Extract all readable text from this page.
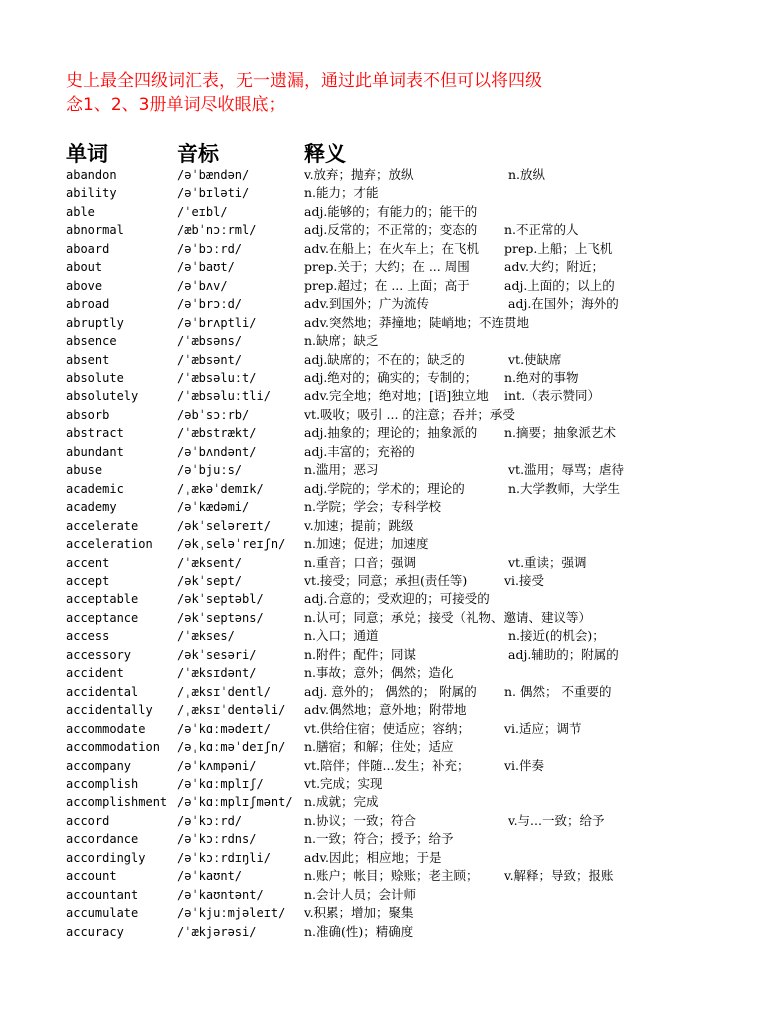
史上最全四级词汇表，无一遗漏，通过此单词表不但可以将四级
念1、2、3册单词尽收眼底；
单词	音标	释义
abandon	/əˈbændən/	v.放弃；抛弃；放纵	n.放纵
ability	/əˈbɪləti/	n.能力；才能
able	/ˈeɪbl/	adj.能够的；有能力的；能干的
abnormal	/æbˈnɔːrml/	adj.反常的；不正常的；变态的	n.不正常的人
aboard	/əˈbɔːrd/	adv.在船上；在火车上；在飞机	prep.上船；上飞机
about	/əˈbaʊt/	prep.关于；大约；在 ... 周围	adv.大约；附近；
above	/əˈbʌv/	prep.超过；在 ... 上面；高于	adj.上面的；以上的
abroad	/əˈbrɔːd/	adv.到国外；广为流传	adj.在国外；海外的
abruptly	/əˈbrʌptli/	adv.突然地；莽撞地；陡峭地；不连贯地
absence	/ˈæbsəns/	n.缺席；缺乏
absent	/ˈæbsənt/	adj.缺席的；不在的；缺乏的	vt.使缺席
absolute	/ˈæbsəluːt/	adj.绝对的；确实的；专制的；	n.绝对的事物
absolutely	/ˈæbsəluːtli/	adv.完全地；绝对地；[语]独立地	int.（表示赞同）
absorb	/əbˈsɔːrb/	vt.吸收；吸引 ... 的注意；吞并；承受
abstract	/ˈæbstrækt/	adj.抽象的；理论的；抽象派的	n.摘要；抽象派艺术
abundant	/əˈbʌndənt/	adj.丰富的；充裕的
abuse	/əˈbjuːs/	n.滥用；恶习	vt.滥用；辱骂；虐待
academic	/ˌækəˈdemɪk/	adj.学院的；学术的；理论的	n.大学教师，大学生
academy	/əˈkædəmi/	n.学院；学会；专科学校
accelerate	/əkˈseləreɪt/	v.加速；提前；跳级
acceleration	/əkˌseləˈreɪʃn/	n.加速；促进；加速度
accent	/ˈæksent/	n.重音；口音；强调	vt.重读；强调
accept	/əkˈsept/	vt.接受；同意；承担(责任等)	vi.接受
acceptable	/əkˈseptəbl/	adj.合意的；受欢迎的；可接受的
acceptance	/əkˈseptəns/	n.认可；同意；承兑；接受（礼物、邀请、建议等）
access	/ˈækses/	n.入口；通道	n.接近(的机会)；
accessory	/əkˈsesəri/	n.附件；配件；同谋	adj.辅助的；附属的
accident	/ˈæksɪdənt/	n.事故；意外；偶然；造化
accidental	/ˌæksɪˈdentl/	adj. 意外的； 偶然的； 附属的	n. 偶然； 不重要的
accidentally	/ˌæksɪˈdentəli/	adv.偶然地；意外地；附带地
accommodate	/əˈkɑːmədeɪt/	vt.供给住宿；使适应；容纳；	vi.适应；调节
accommodation	/əˌkɑːməˈdeɪʃn/	n.膳宿；和解；住处；适应
accompany	/əˈkʌmpəni/	vt.陪伴；伴随...发生；补充；	vi.伴奏
accomplish	/əˈkɑːmplɪʃ/	vt.完成；实现
accomplishment /əˈkɑːmplɪʃmənt/ n.成就；完成
accord	/əˈkɔːrd/	n.协议；一致；符合	v.与...一致；给予
accordance	/əˈkɔːrdns/	n.一致；符合；授予；给予
accordingly	/əˈkɔːrdɪŋli/	adv.因此；相应地；于是
account	/əˈkaʊnt/	n.账户；帐目；赊账；老主顾；	v.解释；导致；报账
accountant	/əˈkaʊntənt/	n.会计人员；会计师
accumulate	/əˈkjuːmjəleɪt/	v.积累；增加；聚集
accuracy	/ˈækjərəsi/	n.准确(性)；精确度
